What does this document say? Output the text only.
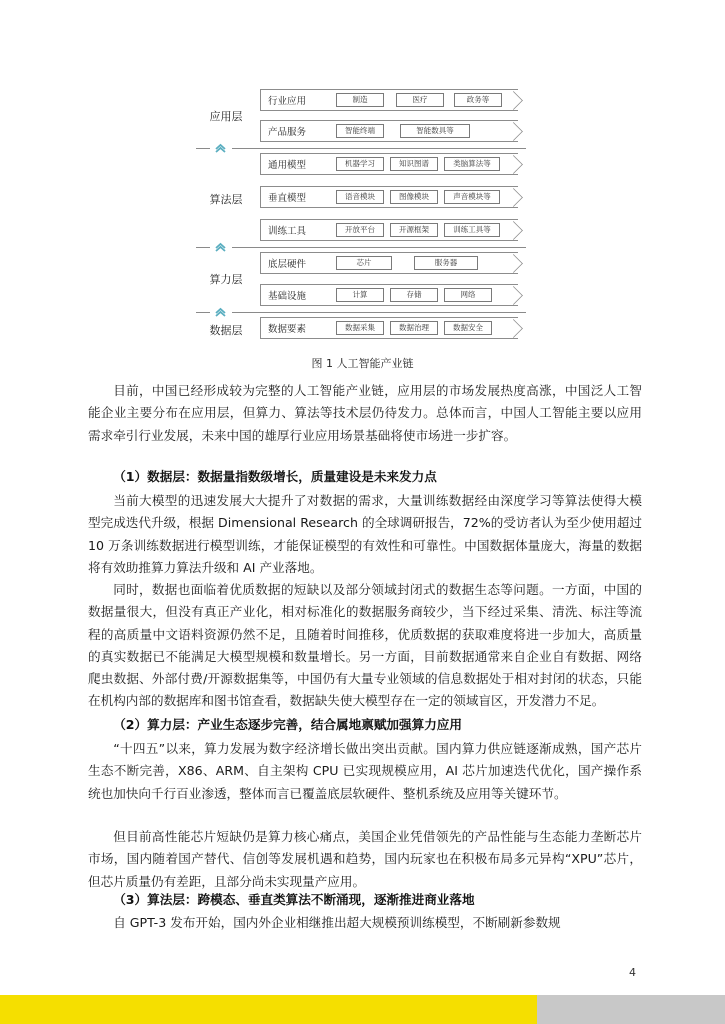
应用层
算法层
算力层
数据层
行业应用	制造	医疗	政务等
产品服务	智能终端	智能数具等
通用模型	机器学习	知识图谱	类脑算法等
垂直模型	语音模块	图像模块	声音模块等
训练工具	开放平台	开源框架	训练工具等
底层硬件	芯片	服务器
基础设施	计算	存储	网络
数据要素	数据采集	数据治理	数据安全
图 1 人工智能产业链

目前，中国已经形成较为完整的人工智能产业链，应用层的市场发展热度高涨，中国泛人工智能企业主要分布在应用层，但算力、算法等技术层仍待发力。总体而言，中国人工智能主要以应用需求牵引行业发展，未来中国的雄厚行业应用场景基础将使市场进一步扩容。

（1）数据层：数据量指数级增长，质量建设是未来发力点

当前大模型的迅速发展大大提升了对数据的需求，大量训练数据经由深度学习等算法使得大模型完成迭代升级，根据 Dimensional Research 的全球调研报告，72%的受访者认为至少使用超过 10 万条训练数据进行模型训练，才能保证模型的有效性和可靠性。中国数据体量庞大，海量的数据将有效助推算力算法升级和 AI 产业落地。

同时，数据也面临着优质数据的短缺以及部分领域封闭式的数据生态等问题。一方面，中国的数据量很大，但没有真正产业化，相对标准化的数据服务商较少，当下经过采集、清洗、标注等流程的高质量中文语料资源仍然不足，且随着时间推移，优质数据的获取难度将进一步加大，高质量的真实数据已不能满足大模型规模和数量增长。另一方面，目前数据通常来自企业自有数据、网络爬虫数据、外部付费/开源数据集等，中国仍有大量专业领域的信息数据处于相对封闭的状态，只能在机构内部的数据库和图书馆查看，数据缺失使大模型存在一定的领域盲区，开发潜力不足。

（2）算力层：产业生态逐步完善，结合属地禀赋加强算力应用

“十四五”以来，算力发展为数字经济增长做出突出贡献。国内算力供应链逐渐成熟，国产芯片生态不断完善，X86、ARM、自主架构 CPU 已实现规模应用，AI 芯片加速迭代优化，国产操作系统也加快向千行百业渗透，整体而言已覆盖底层软硬件、整机系统及应用等关键环节。

但目前高性能芯片短缺仍是算力核心痛点，美国企业凭借领先的产品性能与生态能力垄断芯片市场，国内随着国产替代、信创等发展机遇和趋势，国内玩家也在积极布局多元异构“XPU”芯片，但芯片质量仍有差距，且部分尚未实现量产应用。

（3）算法层：跨模态、垂直类算法不断涌现，逐渐推进商业落地

自 GPT-3 发布开始，国内外企业相继推出超大规模预训练模型，不断刷新参数规

4
